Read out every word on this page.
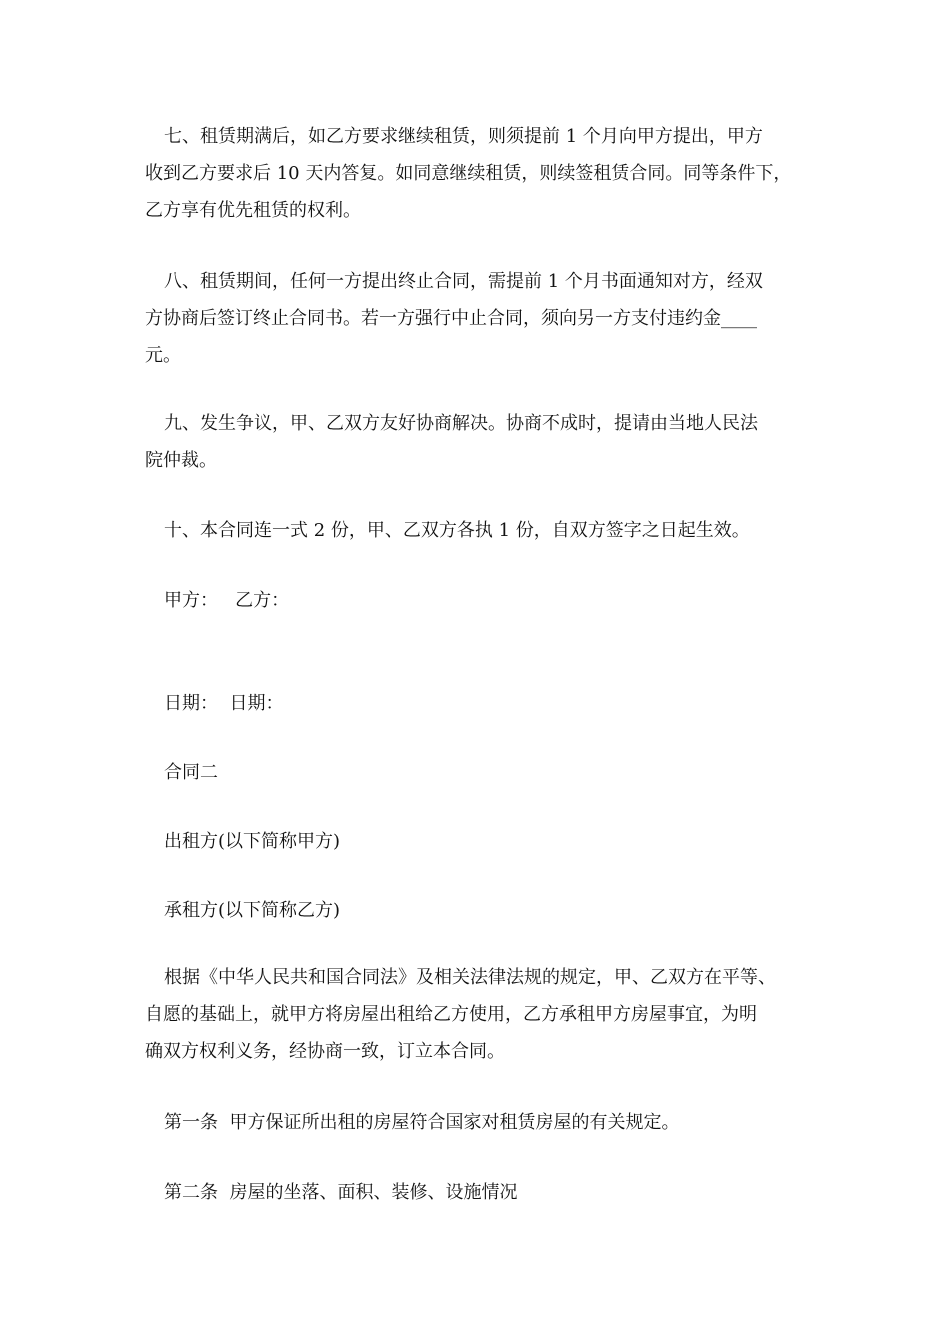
七、租赁期满后，如乙方要求继续租赁，则须提前 1 个月向甲方提出，甲方
收到乙方要求后 10 天内答复。如同意继续租赁，则续签租赁合同。同等条件下，
乙方享有优先租赁的权利。
八、租赁期间，任何一方提出终止合同，需提前 1 个月书面通知对方，经双
方协商后签订终止合同书。若一方强行中止合同，须向另一方支付违约金____
元。
九、发生争议，甲、乙双方友好协商解决。协商不成时，提请由当地人民法
院仲裁。
十、本合同连一式 2 份，甲、乙双方各执 1 份，自双方签字之日起生效。
甲方：   乙方：
日期：  日期：
合同二
出租方(以下简称甲方)
承租方(以下简称乙方)
根据《中华人民共和国合同法》及相关法律法规的规定，甲、乙双方在平等、
自愿的基础上，就甲方将房屋出租给乙方使用，乙方承租甲方房屋事宜，为明
确双方权利义务，经协商一致，订立本合同。
第一条  甲方保证所出租的房屋符合国家对租赁房屋的有关规定。
第二条  房屋的坐落、面积、装修、设施情况
